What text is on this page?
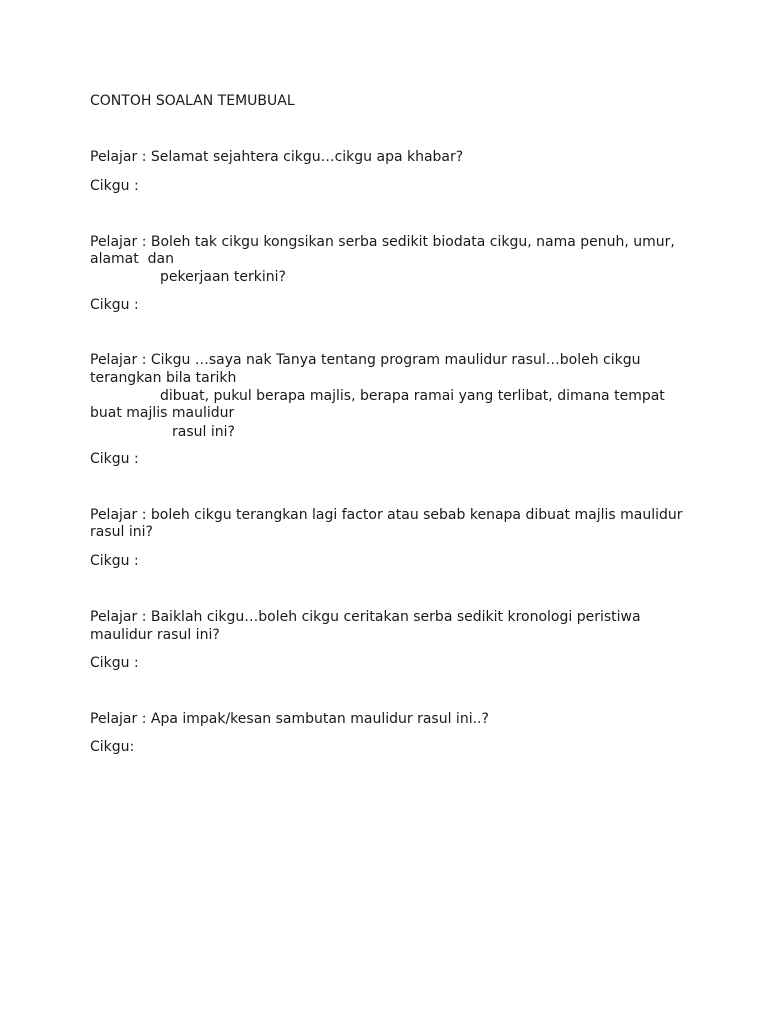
CONTOH SOALAN TEMUBUAL
Pelajar : Selamat sejahtera cikgu…cikgu apa khabar?
Cikgu :
Pelajar : Boleh tak cikgu kongsikan serba sedikit biodata cikgu, nama penuh, umur,
alamat  dan
pekerjaan terkini?
Cikgu :
Pelajar : Cikgu …saya nak Tanya tentang program maulidur rasul…boleh cikgu
terangkan bila tarikh
dibuat, pukul berapa majlis, berapa ramai yang terlibat, dimana tempat
buat majlis maulidur
rasul ini?
Cikgu :
Pelajar : boleh cikgu terangkan lagi factor atau sebab kenapa dibuat majlis maulidur
rasul ini?
Cikgu :
Pelajar : Baiklah cikgu…boleh cikgu ceritakan serba sedikit kronologi peristiwa
maulidur rasul ini?
Cikgu :
Pelajar : Apa impak/kesan sambutan maulidur rasul ini..?
Cikgu:
